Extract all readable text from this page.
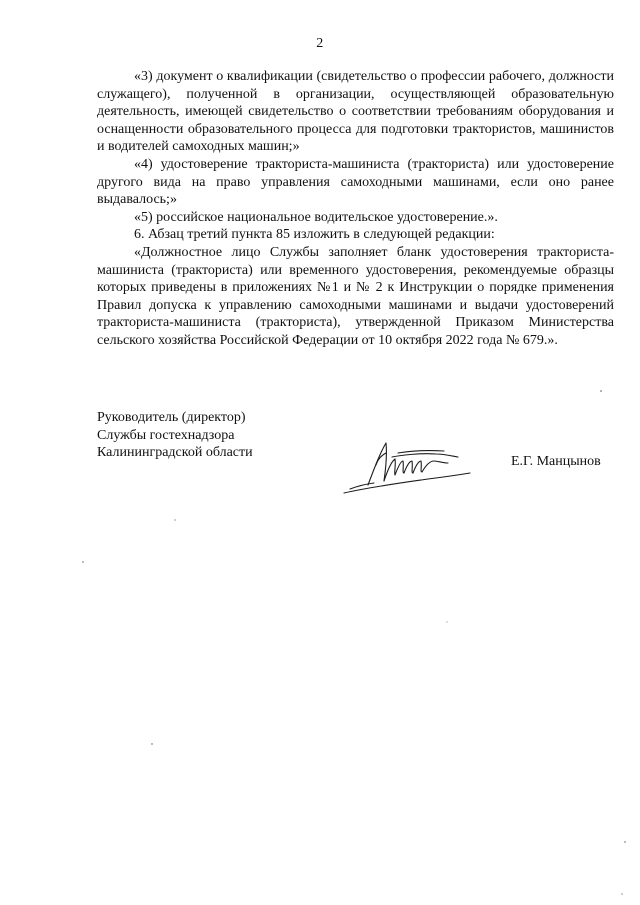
2

«3) документ о квалификации (свидетельство о профессии рабочего, должности служащего), полученной в организации, осуществляющей образовательную деятельность, имеющей свидетельство о соответствии требованиям оборудования и оснащенности образовательного процесса для подготовки трактористов, машинистов и водителей самоходных машин;»

«4) удостоверение тракториста-машиниста (тракториста) или удостоверение другого вида на право управления самоходными машинами, если оно ранее выдавалось;»

«5) российское национальное водительское удостоверение.».

6. Абзац третий пункта 85 изложить в следующей редакции:

«Должностное лицо Службы заполняет бланк удостоверения тракториста-машиниста (тракториста) или временного удостоверения, рекомендуемые образцы которых приведены в приложениях №1 и № 2 к Инструкции о порядке применения Правил допуска к управлению самоходными машинами и выдачи удостоверений тракториста-машиниста (тракториста), утвержденной Приказом Министерства сельского хозяйства Российской Федерации от 10 октября 2022 года № 679.».

Руководитель (директор)
Службы гостехнадзора
Калининградской области
Е.Г. Манцынов
